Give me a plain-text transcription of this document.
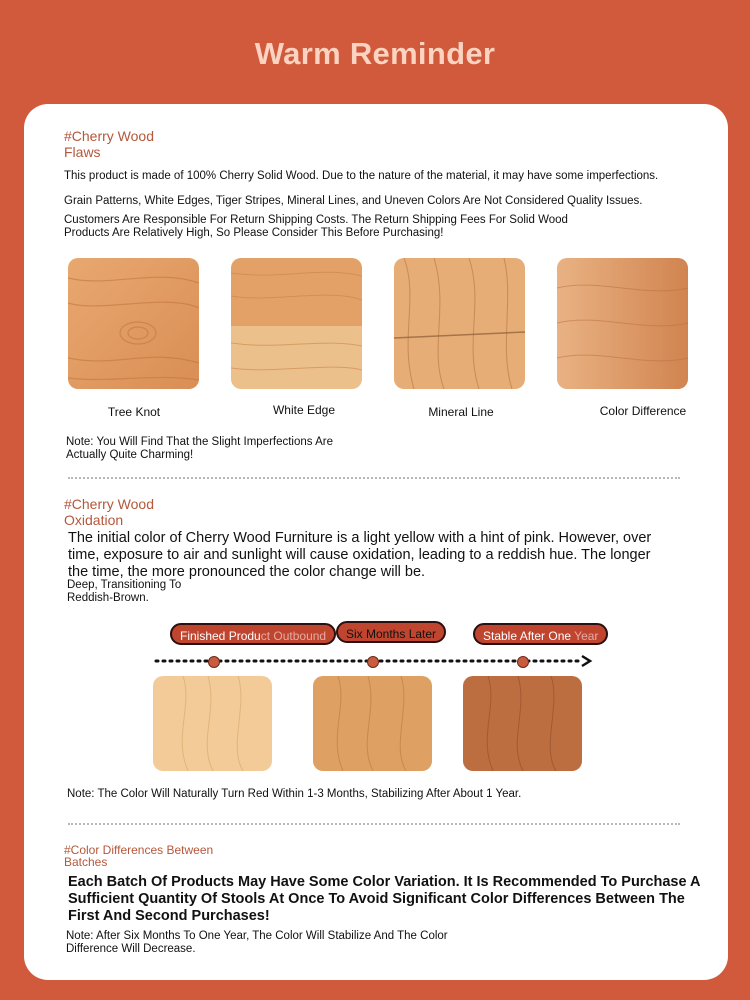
Warm Reminder
#Cherry Wood
Flaws
This product is made of 100% Cherry Solid Wood. Due to the nature of the material, it may have some imperfections.
Grain Patterns, White Edges, Tiger Stripes, Mineral Lines, and Uneven Colors Are Not Considered Quality Issues.
Customers Are Responsible For Return Shipping Costs. The Return Shipping Fees For Solid Wood
Products Are Relatively High, So Please Consider This Before Purchasing!
Tree Knot	White Edge	Mineral Line	Color Difference
Note: You Will Find That the Slight Imperfections Are
Actually Quite Charming!
#Cherry Wood
Oxidation
The initial color of Cherry Wood Furniture is a light yellow with a hint of pink. However, over
time, exposure to air and sunlight will cause oxidation, leading to a reddish hue. The longer
the time, the more pronounced the color change will be.
Deep, Transitioning To
Reddish-Brown.
Finished Product Outbound	Six Months Later	Stable After One Year
Note: The Color Will Naturally Turn Red Within 1-3 Months, Stabilizing After About 1 Year.
#Color Differences Between
Batches
Each Batch Of Products May Have Some Color Variation. It Is Recommended To Purchase A
Sufficient Quantity Of Stools At Once To Avoid Significant Color Differences Between The
First And Second Purchases!
Note: After Six Months To One Year, The Color Will Stabilize And The Color
Difference Will Decrease.
